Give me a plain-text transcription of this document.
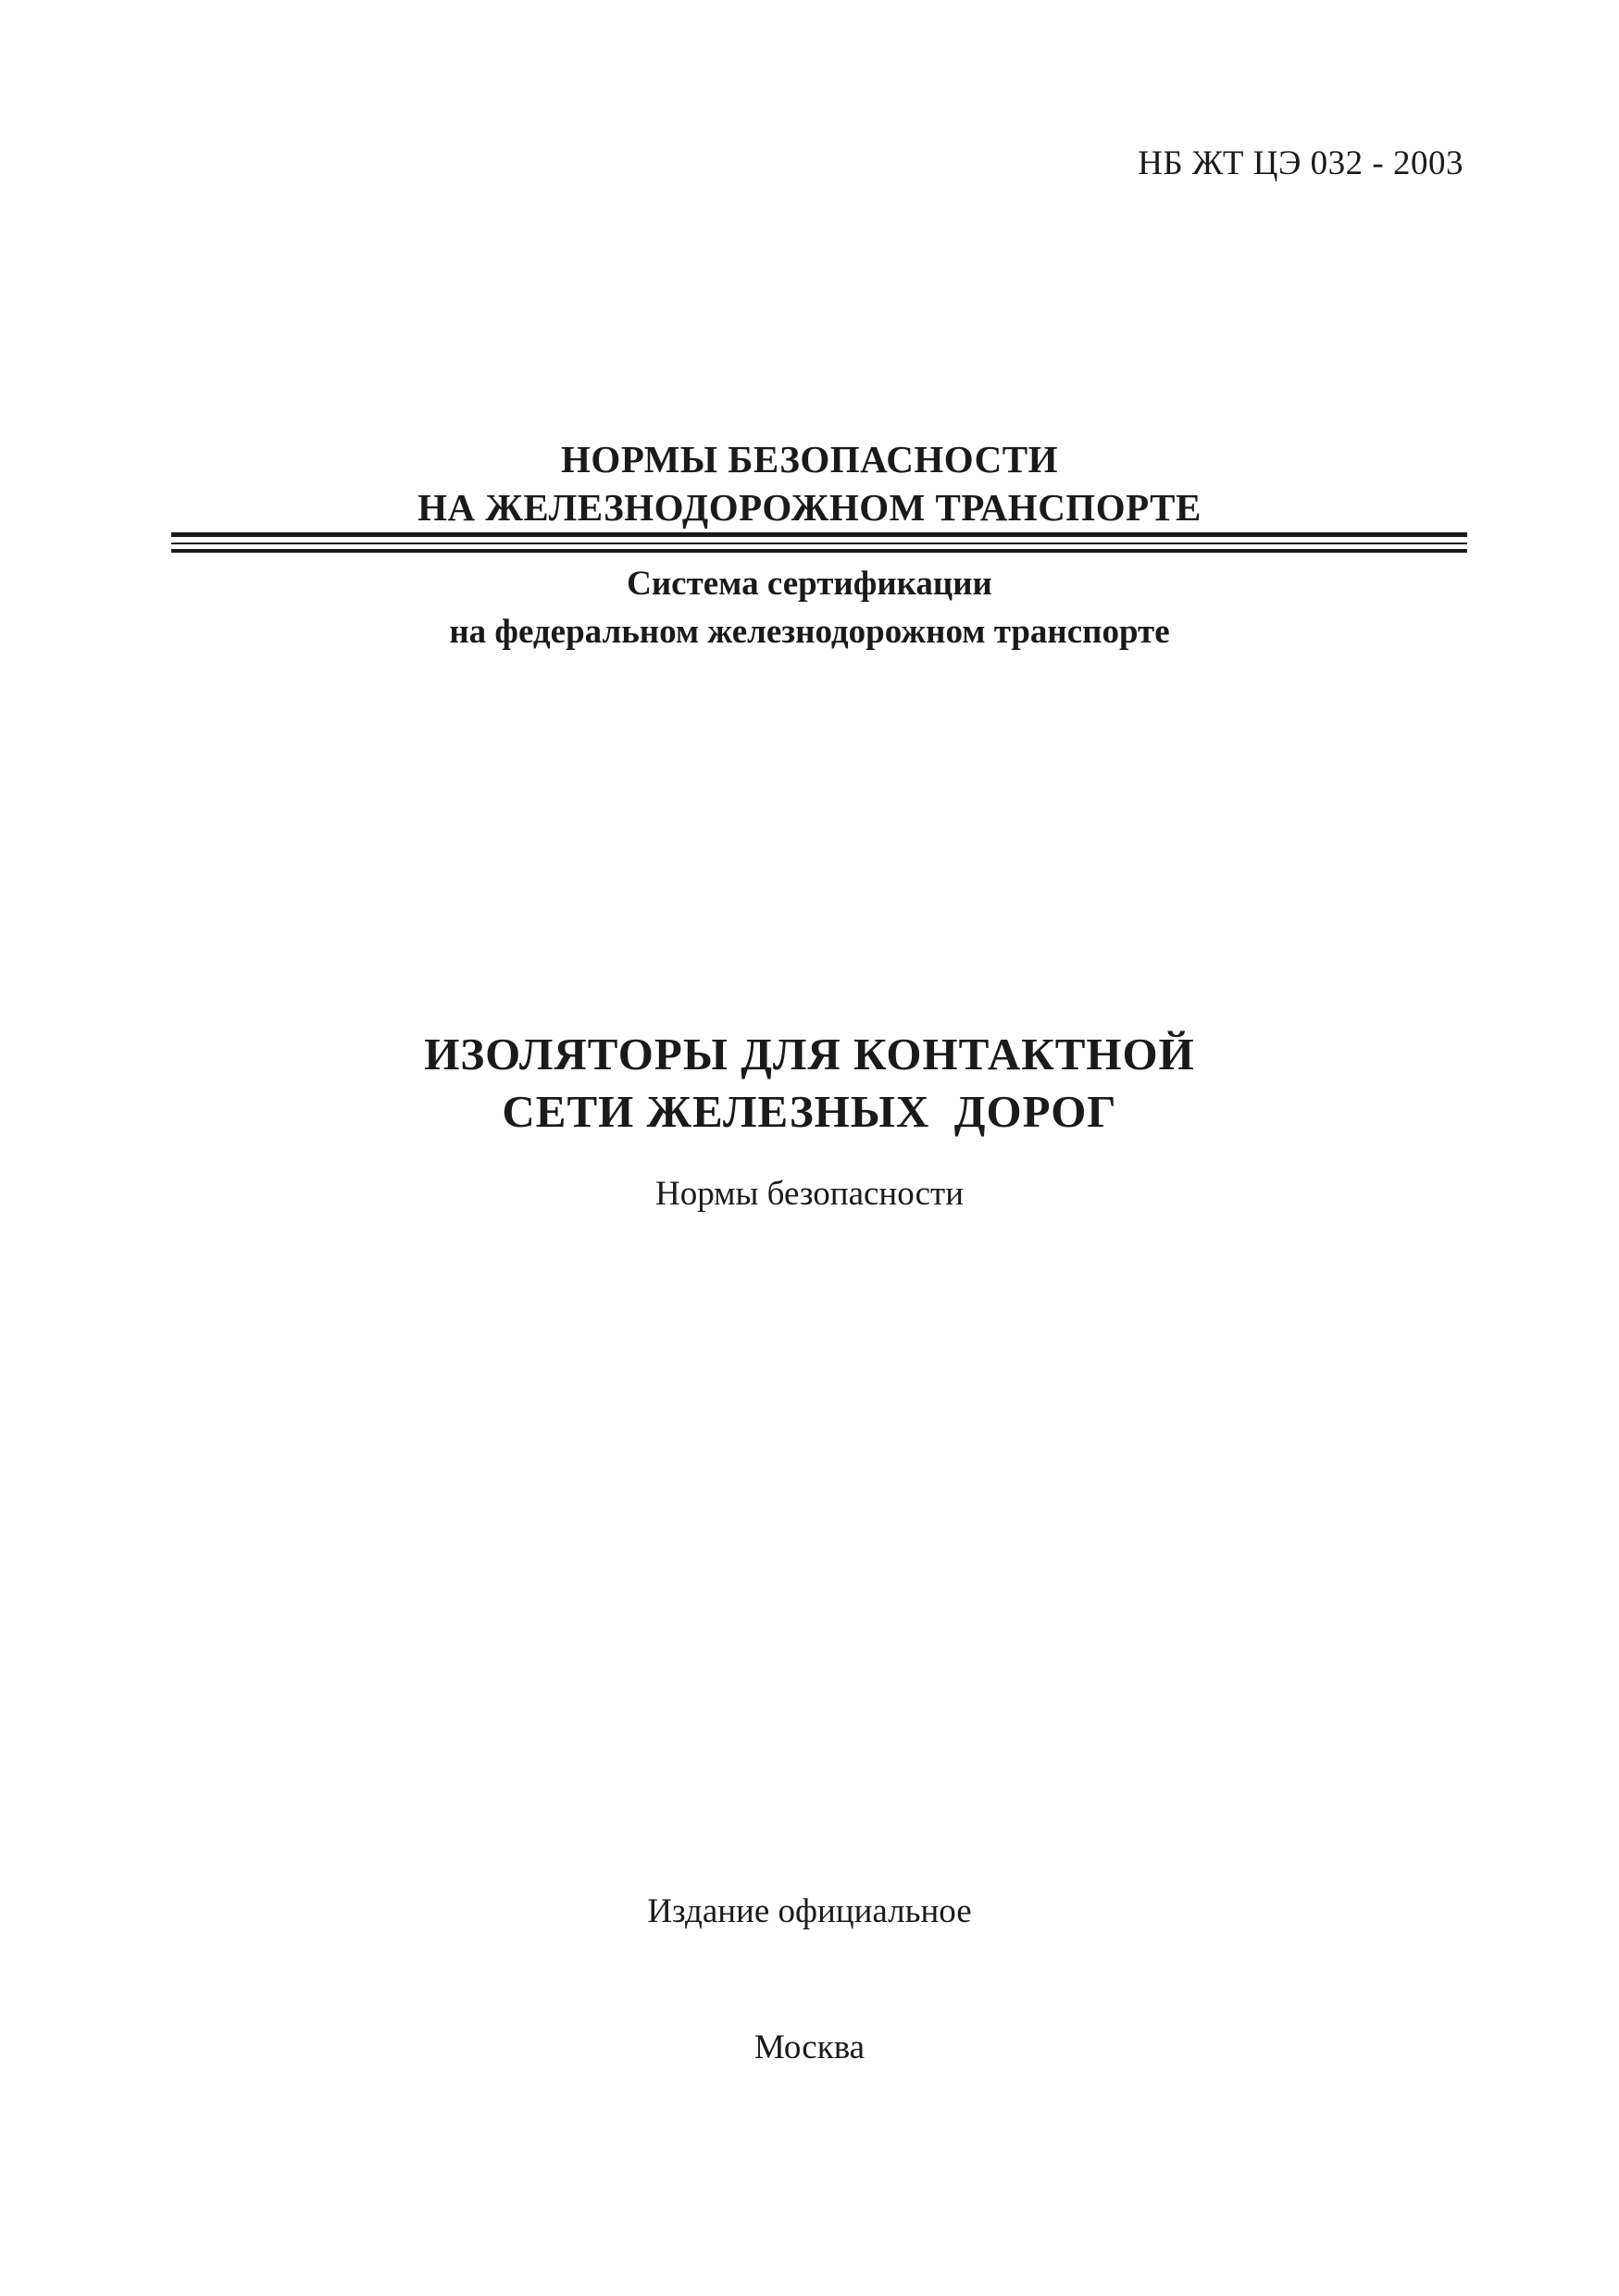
НБ ЖТ ЦЭ 032 - 2003
НОРМЫ БЕЗОПАСНОСТИ
НА ЖЕЛЕЗНОДОРОЖНОМ ТРАНСПОРТЕ
Система сертификации
на федеральном железнодорожном транспорте
ИЗОЛЯТОРЫ ДЛЯ КОНТАКТНОЙ
СЕТИ ЖЕЛЕЗНЫХ  ДОРОГ
Нормы безопасности
Издание официальное
Москва
